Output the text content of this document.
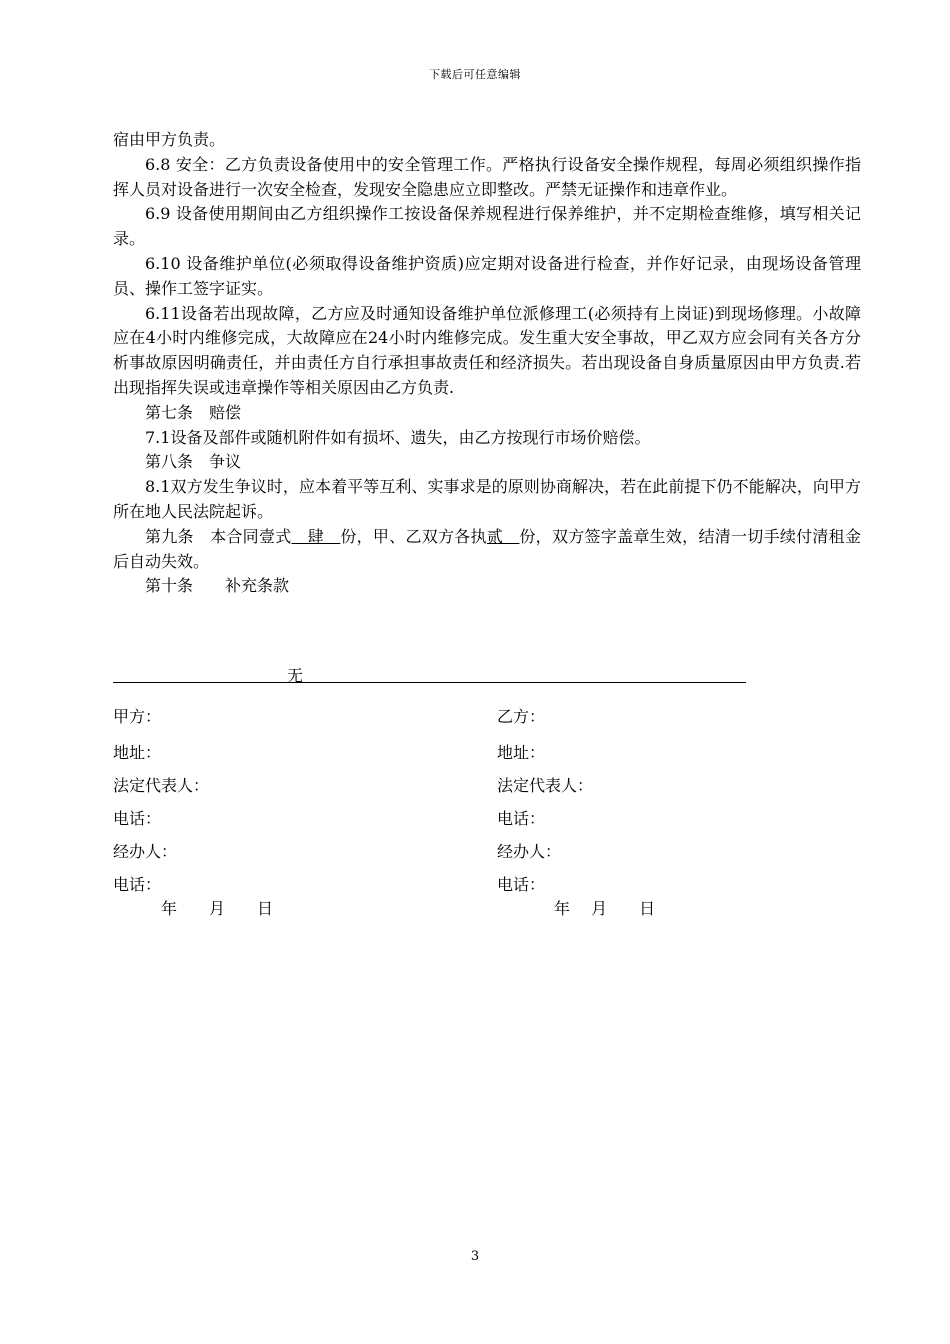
下载后可任意编辑

宿由甲方负责。

6.8 安全：乙方负责设备使用中的安全管理工作。严格执行设备安全操作规程，每周必须组织操作指挥人员对设备进行一次安全检查，发现安全隐患应立即整改。严禁无证操作和违章作业。

6.9 设备使用期间由乙方组织操作工按设备保养规程进行保养维护，并不定期检查维修，填写相关记录。

6.10 设备维护单位(必须取得设备维护资质)应定期对设备进行检查，并作好记录，由现场设备管理员、操作工签字证实。

6.11设备若出现故障，乙方应及时通知设备维护单位派修理工(必须持有上岗证)到现场修理。小故障应在4小时内维修完成，大故障应在24小时内维修完成。发生重大安全事故，甲乙双方应会同有关各方分析事故原因明确责任，并由责任方自行承担事故责任和经济损失。若出现设备自身质量原因由甲方负责.若出现指挥失误或违章操作等相关原因由乙方负责.

第七条　赔偿

7.1设备及部件或随机附件如有损坏、遗失，由乙方按现行市场价赔偿。

第八条　争议

8.1双方发生争议时，应本着平等互利、实事求是的原则协商解决，若在此前提下仍不能解决，向甲方所在地人民法院起诉。

第九条　本合同壹式　肆　份，甲、乙双方各执贰　份，双方签字盖章生效，结清一切手续付清租金后自动失效。

第十条　　补充条款

无
甲方：
地址：
法定代表人：
电话：
经办人：
电话：
乙方：
地址：
法定代表人：
电话：
经办人：
电话：
年　　月　　日	年　 月　　日
3
